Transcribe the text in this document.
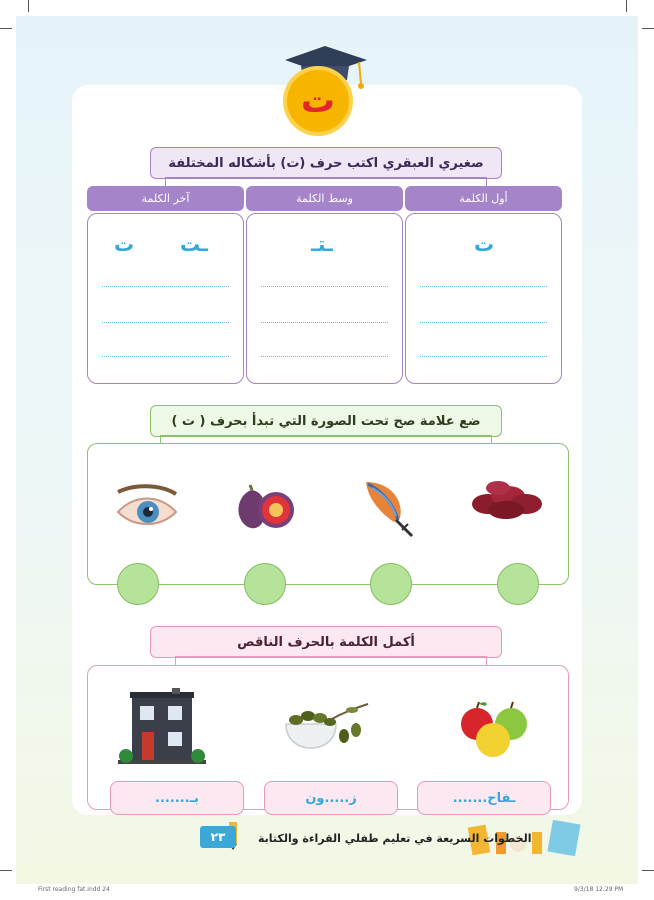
ت
صغيري العبقري اكتب حرف (ت) بأشكاله المختلفة
أول الكلمة
وسط الكلمة
آخر الكلمة
ت
ـتـ
ـت
ت
ضع علامة صح تحت الصورة التي تبدأ بحرف ( ت )
أكمل الكلمة بالحرف الناقص
ـفاح.......
ز.....ون
بـ.......
الخطوات السريعة في تعليم طفلي القراءة والكتابة
٢٣
First reading fat.indd 24	9/3/18 12:29 PM
